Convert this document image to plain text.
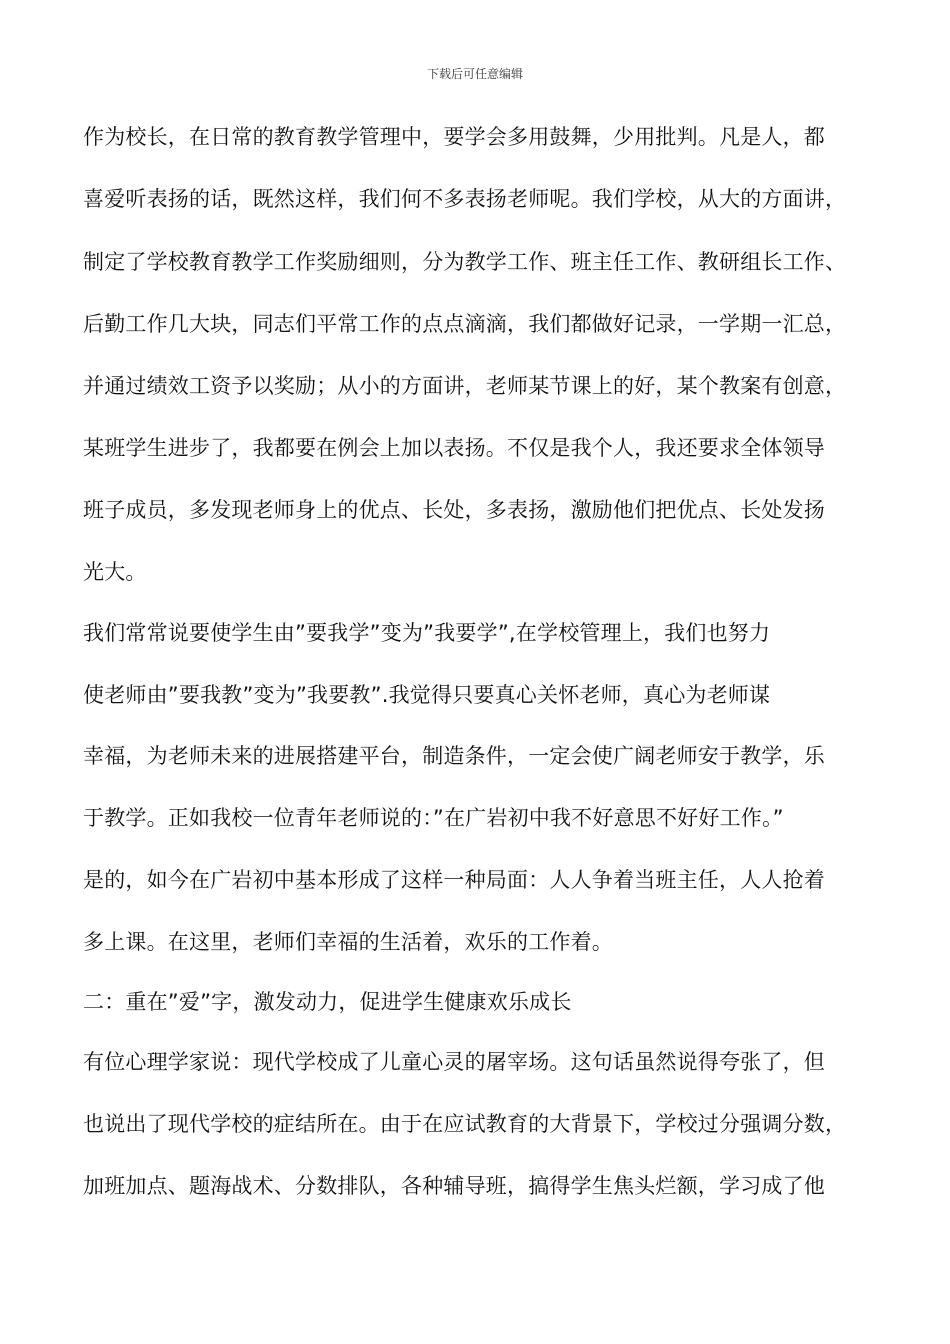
下载后可任意编辑
作为校长，在日常的教育教学管理中，要学会多用鼓舞，少用批判。凡是人，都
喜爱听表扬的话，既然这样，我们何不多表扬老师呢。我们学校，从大的方面讲，
制定了学校教育教学工作奖励细则，分为教学工作、班主任工作、教研组长工作、
后勤工作几大块，同志们平常工作的点点滴滴，我们都做好记录，一学期一汇总，
并通过绩效工资予以奖励；从小的方面讲，老师某节课上的好，某个教案有创意，
某班学生进步了，我都要在例会上加以表扬。不仅是我个人，我还要求全体领导
班子成员，多发现老师身上的优点、长处，多表扬，激励他们把优点、长处发扬
光大。
我们常常说要使学生由”要我学”变为”我要学”,在学校管理上，我们也努力
使老师由”要我教”变为”我要教”.我觉得只要真心关怀老师，真心为老师谋
幸福，为老师未来的进展搭建平台，制造条件，一定会使广阔老师安于教学，乐
于教学。正如我校一位青年老师说的：”在广岩初中我不好意思不好好工作。”
是的，如今在广岩初中基本形成了这样一种局面：人人争着当班主任，人人抢着
多上课。在这里，老师们幸福的生活着，欢乐的工作着。
二：重在”爱”字，激发动力，促进学生健康欢乐成长
有位心理学家说：现代学校成了儿童心灵的屠宰场。这句话虽然说得夸张了，但
也说出了现代学校的症结所在。由于在应试教育的大背景下，学校过分强调分数，
加班加点、题海战术、分数排队，各种辅导班，搞得学生焦头烂额，学习成了他
